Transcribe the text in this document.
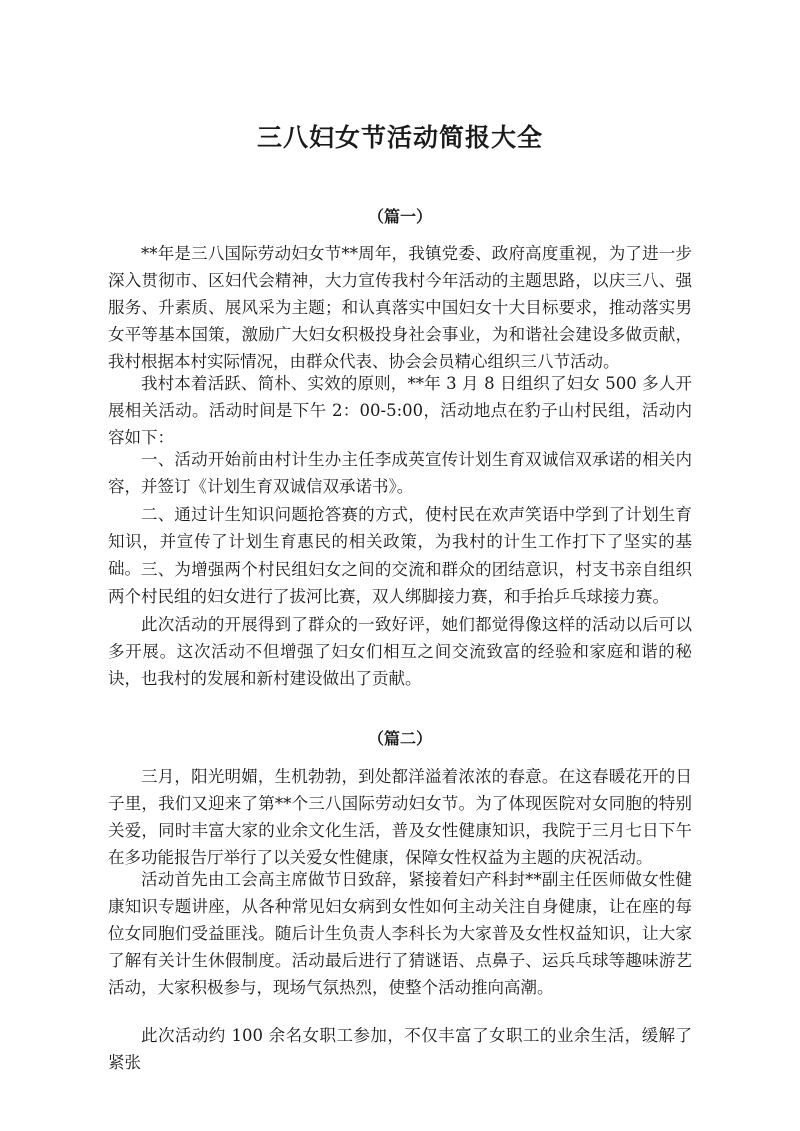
三八妇女节活动简报大全
（篇一）

**年是三八国际劳动妇女节**周年，我镇党委、政府高度重视，为了进一步深入贯彻市、区妇代会精神，大力宣传我村今年活动的主题思路，以庆三八、强服务、升素质、展风采为主题；和认真落实中国妇女十大目标要求，推动落实男女平等基本国策，激励广大妇女积极投身社会事业，为和谐社会建设多做贡献，我村根据本村实际情况，由群众代表、协会会员精心组织三八节活动。

我村本着活跃、简朴、实效的原则，**年 3 月 8 日组织了妇女 500 多人开展相关活动。活动时间是下午 2：00-5:00，活动地点在豹子山村民组，活动内容如下：

一、活动开始前由村计生办主任李成英宣传计划生育双诚信双承诺的相关内容，并签订《计划生育双诚信双承诺书》。

二、通过计生知识问题抢答赛的方式，使村民在欢声笑语中学到了计划生育知识，并宣传了计划生育惠民的相关政策，为我村的计生工作打下了坚实的基础。 三、为增强两个村民组妇女之间的交流和群众的团结意识，村支书亲自组织两个村民组的妇女进行了拔河比赛，双人绑脚接力赛，和手抬乒乓球接力赛。

此次活动的开展得到了群众的一致好评，她们都觉得像这样的活动以后可以多开展。这次活动不但增强了妇女们相互之间交流致富的经验和家庭和谐的秘诀，也我村的发展和新村建设做出了贡献。

（篇二）

三月，阳光明媚，生机勃勃，到处都洋溢着浓浓的春意。在这春暖花开的日子里，我们又迎来了第**个三八国际劳动妇女节。为了体现医院对女同胞的特别关爱，同时丰富大家的业余文化生活，普及女性健康知识，我院于三月七日下午在多功能报告厅举行了以关爱女性健康，保障女性权益为主题的庆祝活动。

活动首先由工会高主席做节日致辞，紧接着妇产科封**副主任医师做女性健康知识专题讲座，从各种常见妇女病到女性如何主动关注自身健康，让在座的每位女同胞们受益匪浅。随后计生负责人李科长为大家普及女性权益知识，让大家了解有关计生休假制度。活动最后进行了猜谜语、点鼻子、运兵乓球等趣味游艺活动，大家积极参与，现场气氛热烈，使整个活动推向高潮。

此次活动约 100 余名女职工参加，不仅丰富了女职工的业余生活，缓解了紧张
